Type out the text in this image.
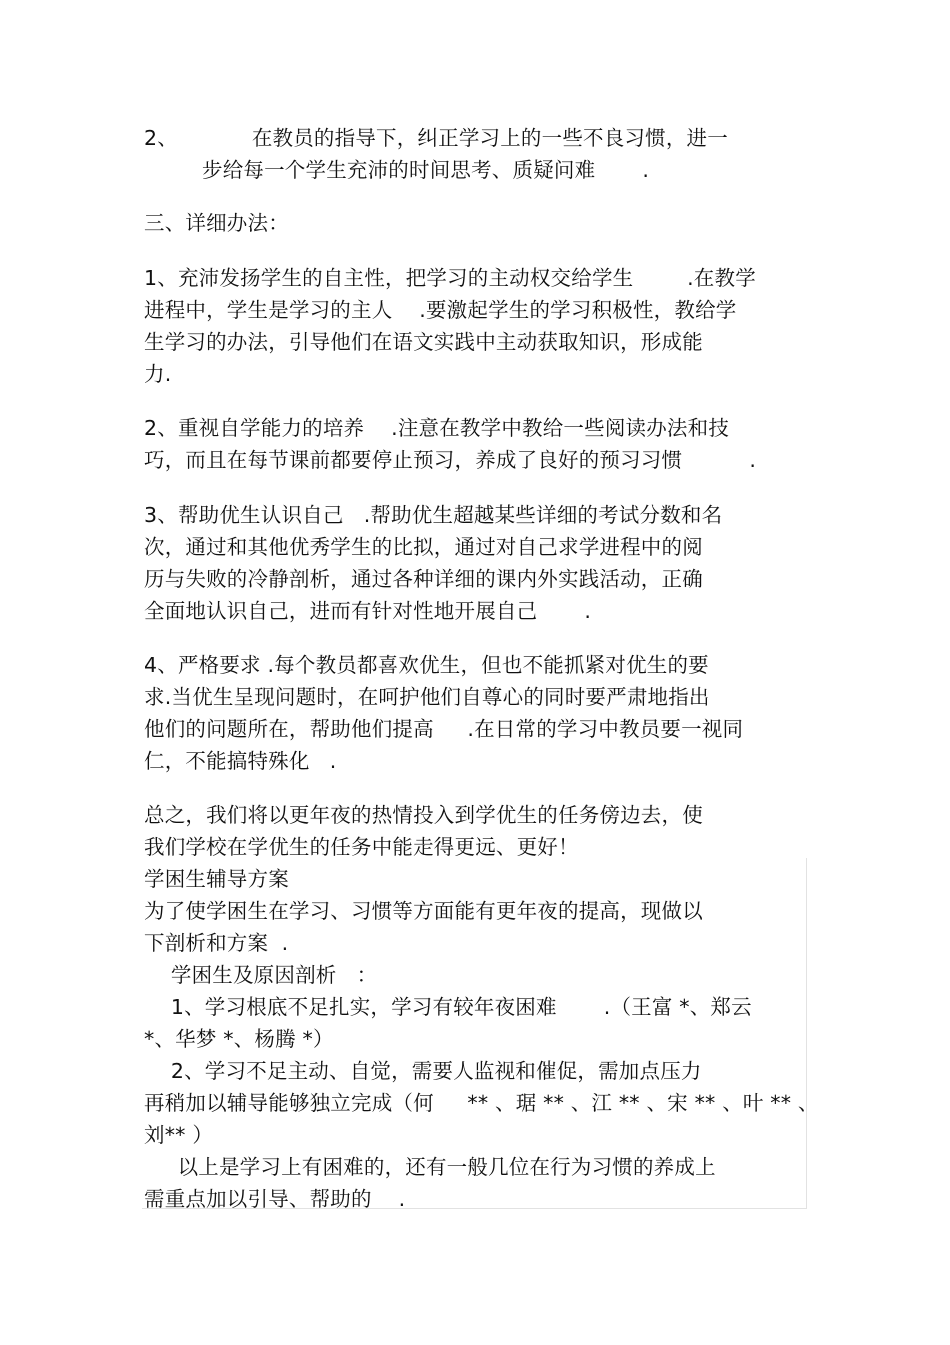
2、           在教员的指导下，纠正学习上的一些不良习惯，进一
步给每一个学生充沛的时间思考、质疑问难       .
三、详细办法：
1、充沛发扬学生的自主性，把学习的主动权交给学生        .在教学
进程中，学生是学习的主人    .要激起学生的学习积极性，教给学
生学习的办法，引导他们在语文实践中主动获取知识，形成能
力.
2、重视自学能力的培养    .注意在教学中教给一些阅读办法和技
巧，而且在每节课前都要停止预习，养成了良好的预习习惯          .
3、帮助优生认识自己   .帮助优生超越某些详细的考试分数和名
次，通过和其他优秀学生的比拟，通过对自己求学进程中的阅
历与失败的冷静剖析，通过各种详细的课内外实践活动，正确
全面地认识自己，进而有针对性地开展自己       .
4、严格要求 .每个教员都喜欢优生，但也不能抓紧对优生的要
求.当优生呈现问题时，在呵护他们自尊心的同时要严肃地指出
他们的问题所在，帮助他们提高     .在日常的学习中教员要一视同
仁，不能搞特殊化   .
总之，我们将以更年夜的热情投入到学优生的任务傍边去，使
我们学校在学优生的任务中能走得更远、更好！
学困生辅导方案
为了使学困生在学习、习惯等方面能有更年夜的提高，现做以
下剖析和方案  .
学困生及原因剖析   ：
1、学习根底不足扎实，学习有较年夜困难       .（王富 *、郑云
*、华梦 *、杨腾 *）
2、学习不足主动、自觉，需要人监视和催促，需加点压力
再稍加以辅导能够独立完成（何     ** 、琚 ** 、江 ** 、宋 ** 、叶 ** 、
刘** ）
以上是学习上有困难的，还有一般几位在行为习惯的养成上
需重点加以引导、帮助的    .
